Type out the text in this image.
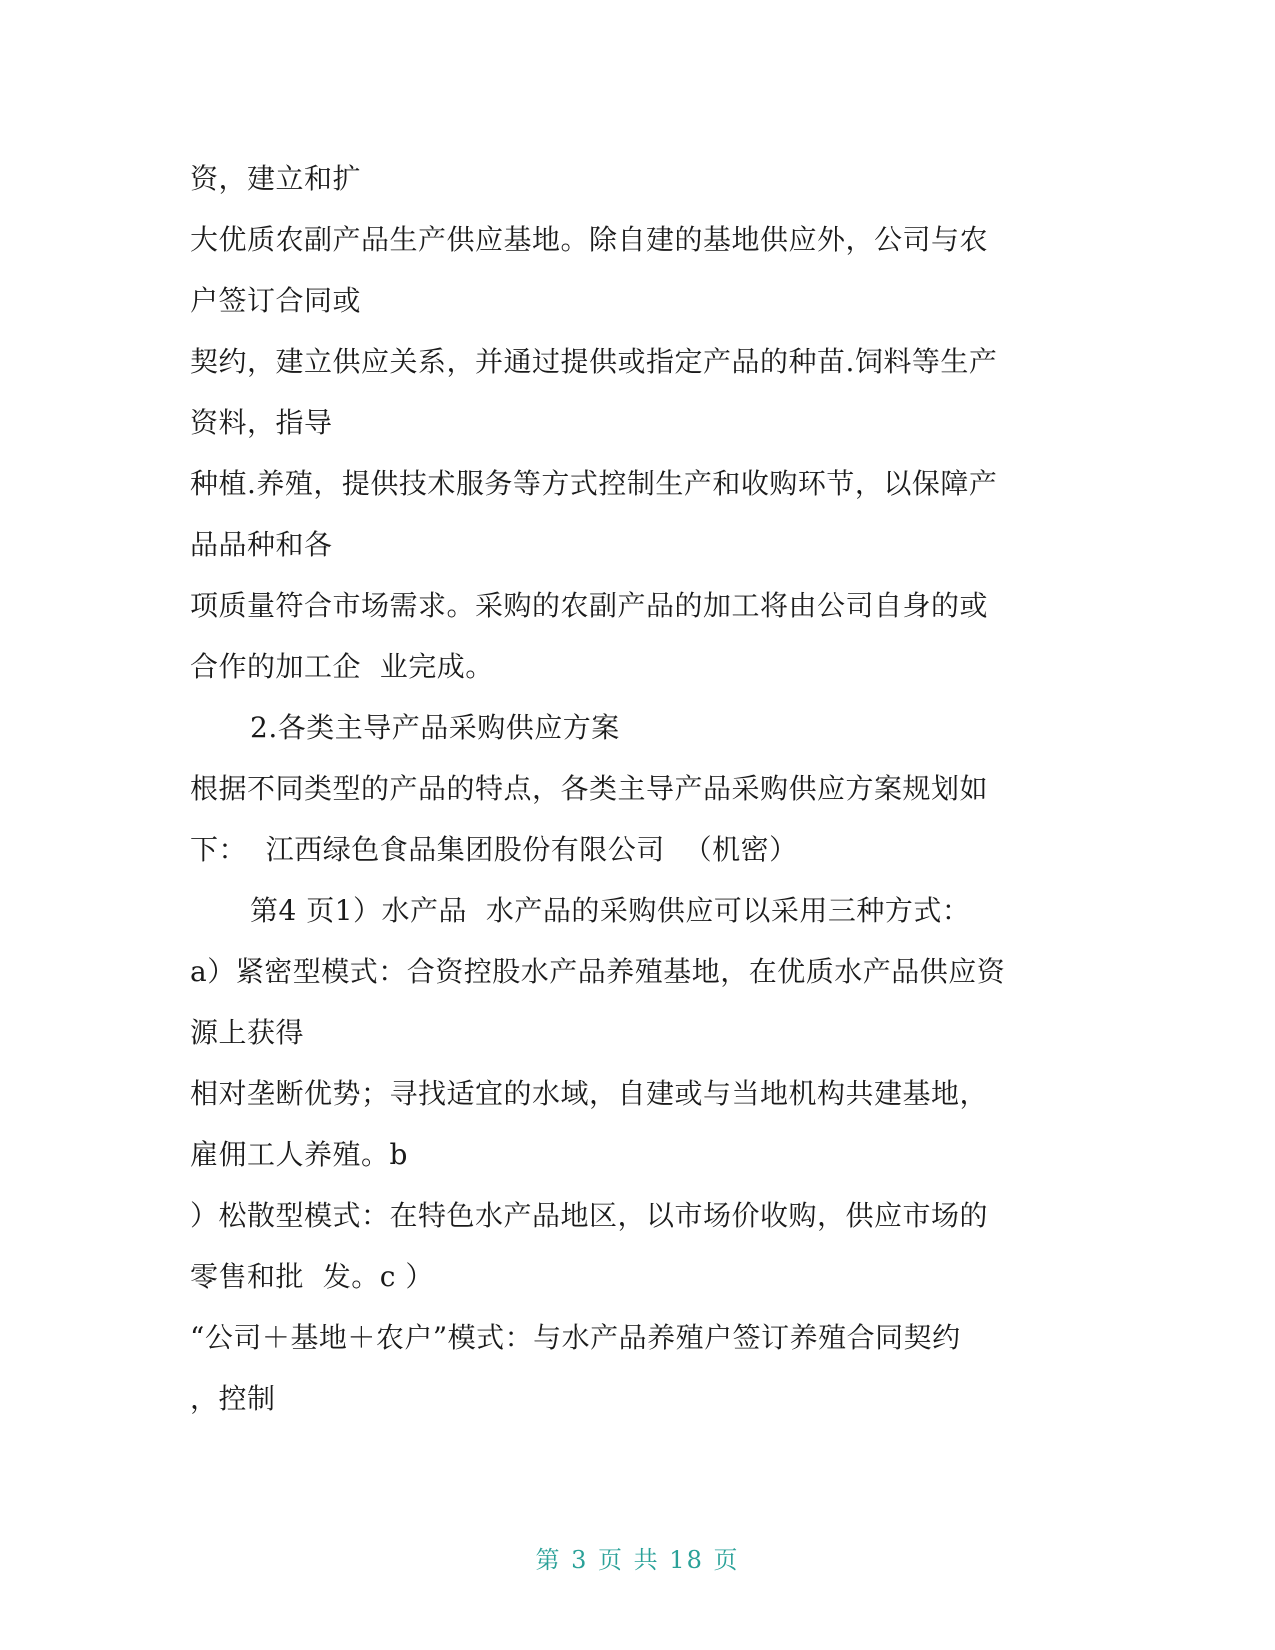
资，建立和扩
大优质农副产品生产供应基地。除自建的基地供应外，公司与农
户签订合同或
契约，建立供应关系，并通过提供或指定产品的种苗.饲料等生产
资料，指导
种植.养殖，提供技术服务等方式控制生产和收购环节，以保障产
品品种和各
项质量符合市场需求。采购的农副产品的加工将由公司自身的或
合作的加工企  业完成。
2.各类主导产品采购供应方案
根据不同类型的产品的特点，各类主导产品采购供应方案规划如
下：  江西绿色食品集团股份有限公司  （机密）
第4 页1）水产品  水产品的采购供应可以采用三种方式：
a）紧密型模式：合资控股水产品养殖基地，在优质水产品供应资
源上获得
相对垄断优势；寻找适宜的水域，自建或与当地机构共建基地，
雇佣工人养殖。b
）松散型模式：在特色水产品地区，以市场价收购，供应市场的
零售和批  发。c ）
“公司＋基地＋农户”模式：与水产品养殖户签订养殖合同契约
，控制
第 3 页 共 18 页
